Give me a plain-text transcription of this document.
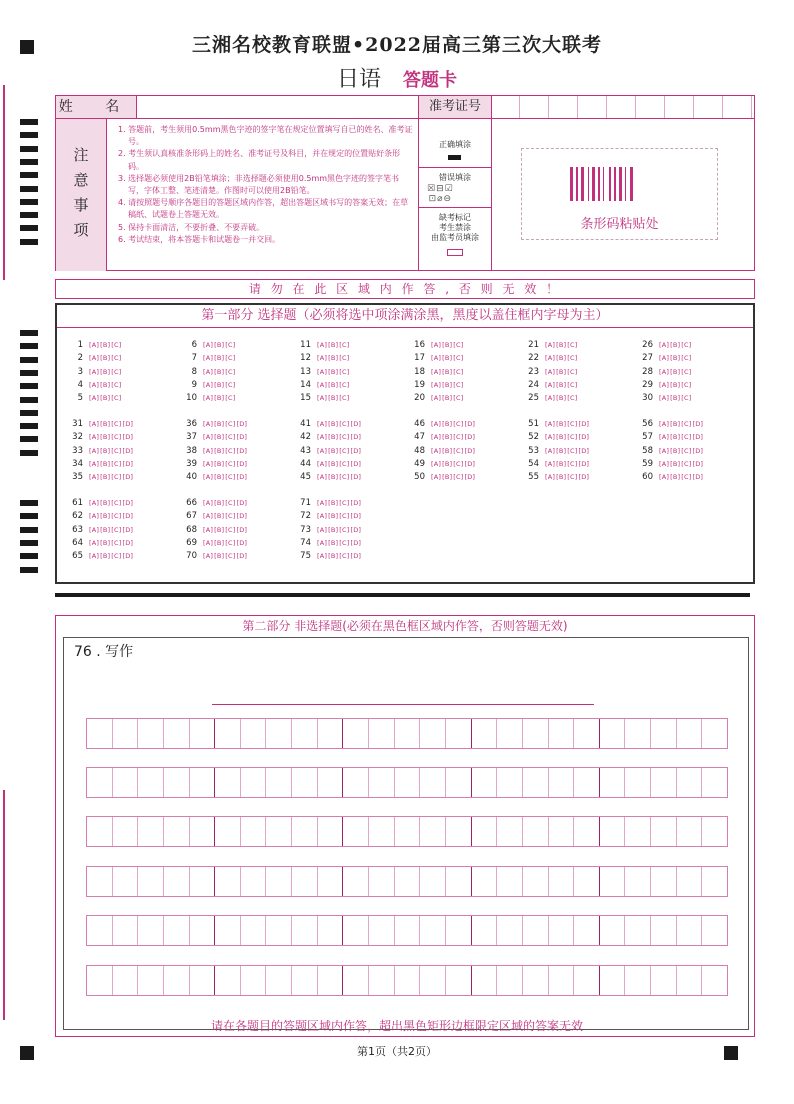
三湘名校教育联盟•2022届高三第三次大联考
日语 答题卡
姓 名	准考证号
注
意
事
项
1. 答题前，考生须用0.5mm黑色字迹的签字笔在规定位置填写自已的姓名、准考证号。
2. 考生须认真核准条形码上的姓名、准考证号及科目，并在规定的位置贴好条形码。
3. 选择题必须使用2B铅笔填涂；非选择题必须使用0.5mm黑色字迹的签字笔书写，字体工整、笔迹清楚。作图时可以使用2B铅笔。
4. 请按照题号顺序各题目的答题区域内作答，超出答题区域书写的答案无效；在草稿纸、试题卷上答题无效。
5. 保持卡面清洁，不要折叠、不要弄破。
6. 考试结束，将本答题卡和试题卷一并交回。
正确填涂
错误填涂
☒⊟☑
⊡⌀⊖
缺考标记
考生禁涂
由监考员填涂
条形码粘贴处
请 勿 在 此 区 域 内 作 答 , 否 则 无 效 ！
第一部分 选择题（必须将选中项涂满涂黑，黑度以盖住框内字母为主）
1 [A][B][C]
2 [A][B][C]
3 [A][B][C]
4 [A][B][C]
5 [A][B][C]
6 [A][B][C]
7 [A][B][C]
8 [A][B][C]
9 [A][B][C]
10 [A][B][C]
11 [A][B][C]
12 [A][B][C]
13 [A][B][C]
14 [A][B][C]
15 [A][B][C]
16 [A][B][C]
17 [A][B][C]
18 [A][B][C]
19 [A][B][C]
20 [A][B][C]
21 [A][B][C]
22 [A][B][C]
23 [A][B][C]
24 [A][B][C]
25 [A][B][C]
26 [A][B][C]
27 [A][B][C]
28 [A][B][C]
29 [A][B][C]
30 [A][B][C]
31 [A][B][C][D]
32 [A][B][C][D]
33 [A][B][C][D]
34 [A][B][C][D]
35 [A][B][C][D]
36 [A][B][C][D]
37 [A][B][C][D]
38 [A][B][C][D]
39 [A][B][C][D]
40 [A][B][C][D]
41 [A][B][C][D]
42 [A][B][C][D]
43 [A][B][C][D]
44 [A][B][C][D]
45 [A][B][C][D]
46 [A][B][C][D]
47 [A][B][C][D]
48 [A][B][C][D]
49 [A][B][C][D]
50 [A][B][C][D]
51 [A][B][C][D]
52 [A][B][C][D]
53 [A][B][C][D]
54 [A][B][C][D]
55 [A][B][C][D]
56 [A][B][C][D]
57 [A][B][C][D]
58 [A][B][C][D]
59 [A][B][C][D]
60 [A][B][C][D]
61 [A][B][C][D]
62 [A][B][C][D]
63 [A][B][C][D]
64 [A][B][C][D]
65 [A][B][C][D]
66 [A][B][C][D]
67 [A][B][C][D]
68 [A][B][C][D]
69 [A][B][C][D]
70 [A][B][C][D]
71 [A][B][C][D]
72 [A][B][C][D]
73 [A][B][C][D]
74 [A][B][C][D]
75 [A][B][C][D]
第二部分 非选择题(必须在黑色框区域内作答，否则答题无效)
76 . 写作
请在各题目的答题区域内作答，超出黑色矩形边框限定区域的答案无效
第1页（共2页）
